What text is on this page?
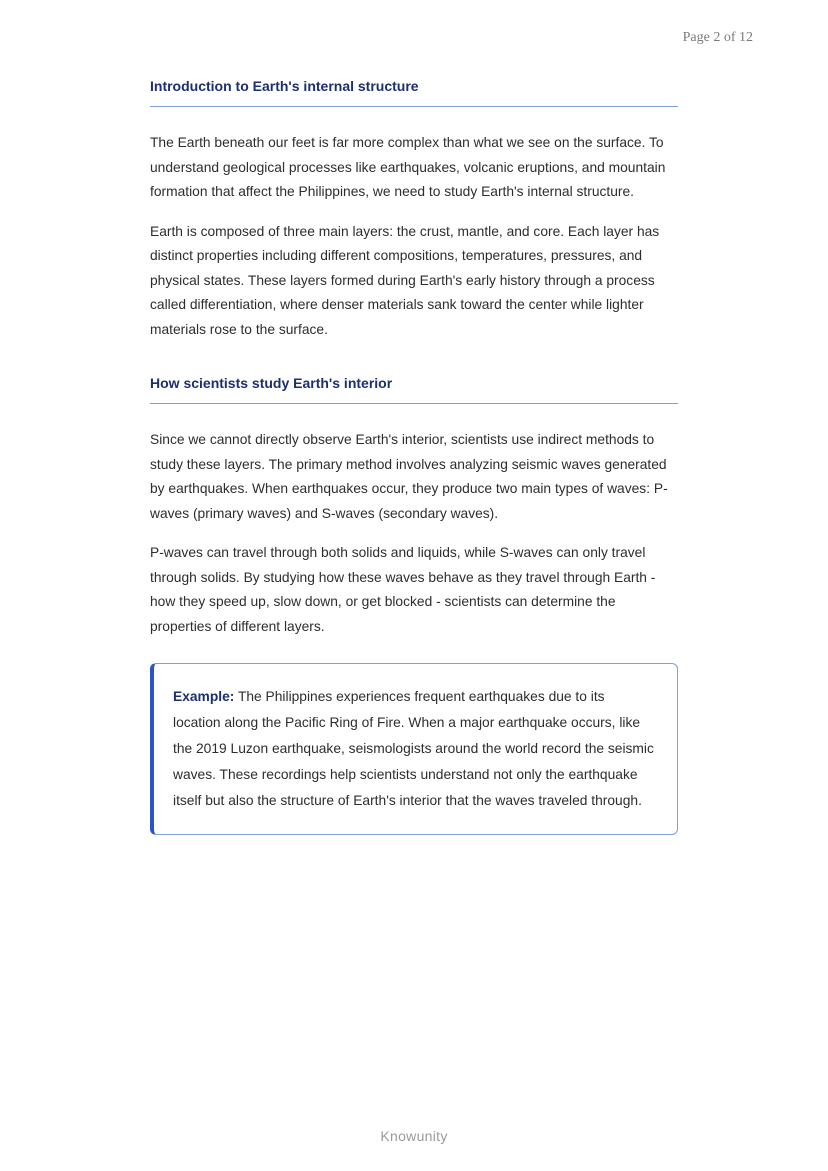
Page 2 of 12
Introduction to Earth's internal structure

The Earth beneath our feet is far more complex than what we see on the surface. To understand geological processes like earthquakes, volcanic eruptions, and mountain formation that affect the Philippines, we need to study Earth's internal structure.

Earth is composed of three main layers: the crust, mantle, and core. Each layer has distinct properties including different compositions, temperatures, pressures, and physical states. These layers formed during Earth's early history through a process called differentiation, where denser materials sank toward the center while lighter materials rose to the surface.

How scientists study Earth's interior

Since we cannot directly observe Earth's interior, scientists use indirect methods to study these layers. The primary method involves analyzing seismic waves generated by earthquakes. When earthquakes occur, they produce two main types of waves: P-waves (primary waves) and S-waves (secondary waves).

P-waves can travel through both solids and liquids, while S-waves can only travel through solids. By studying how these waves behave as they travel through Earth - how they speed up, slow down, or get blocked - scientists can determine the properties of different layers.

Example: The Philippines experiences frequent earthquakes due to its location along the Pacific Ring of Fire. When a major earthquake occurs, like the 2019 Luzon earthquake, seismologists around the world record the seismic waves. These recordings help scientists understand not only the earthquake itself but also the structure of Earth's interior that the waves traveled through.

Knowunity
